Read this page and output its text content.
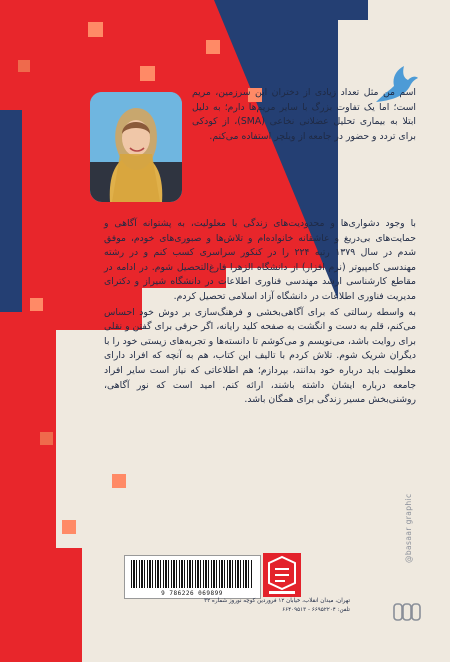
اسم من مثل تعداد زیادی از دختران این سرزمین، مریم است؛ اما یک تفاوت بزرگ با سایر مریم‌ها دارم؛ به دلیل ابتلا به بیماری تحلیل عضلانی نخاعی (SMA)، از کودکی برای تردد و حضور در جامعه از ویلچر استفاده می‌کنم.

با وجود دشواری‌ها و محدودیت‌های زندگی با معلولیت، به پشتوانه آگاهی و حمایت‌های بی‌دریغ و عاشقانه خانواده‌ام و تلاش‌ها و صبوری‌های خودم، موفق شدم در سال ۱۳۷۹ رتبه ۲۲۴ را در کنکور سراسری کسب کنم و در رشته مهندسی کامپیوتر (نرم افزار) از دانشگاه الزهرا فارغ‌التحصیل شوم. در ادامه در مقاطع کارشناسی ارشد مهندسی فناوری اطلاعات در دانشگاه شیراز و دکترای مدیریت فناوری اطلاعات در دانشگاه آزاد اسلامی تحصیل کردم.

به واسطه رسالتی که برای آگاهی‌بخشی و فرهنگ‌سازی بر دوش خود احساس می‌کنم، قلم به دست و انگشت به صفحه کلید رایانه، اگر حرفی برای گفتن و نقلی برای روایت باشد، می‌نویسم و می‌کوشم تا دانسته‌ها و تجربه‌های زیستی خود را با دیگران شریک شوم. تلاش کردم با تالیف این کتاب، هم به آنچه که افراد دارای معلولیت باید درباره خود بدانند، بپردازم؛ هم اطلاعاتی که نیاز است سایر افراد جامعه درباره ایشان داشته باشند، ارائه کنم. امید است که نور آگاهی، روشنی‌بخش مسیر زندگی برای همگان باشد.

9 786226 069899
تهران، میدان انقلاب، خیابان ۱۲ فروردین کوچه نوروز شماره ۳۲
تلفن: ۶۶۹۵۲۲۰۴ - ۶۶۴۰۹۵۱۳
@basaar graphic
